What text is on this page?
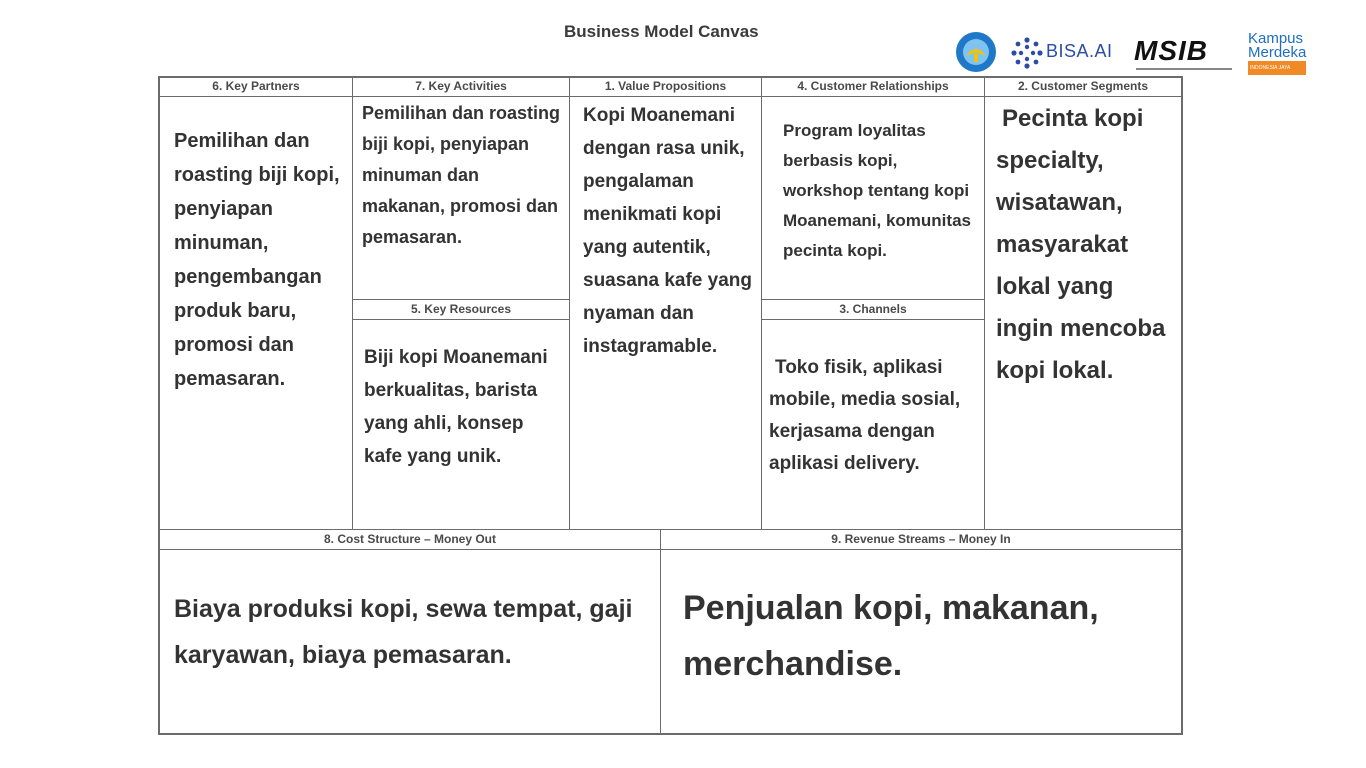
Business Model Canvas
BISA.AI MSIB	Kampus
Merdeka
INDONESIA JAYA
6. Key Partners	7. Key Activities	1. Value Propositions	4. Customer Relationships	2. Customer Segments
5. Key Resources	3. Channels
8. Cost Structure – Money Out	9. Revenue Streams – Money In
Pemilihan dan roasting biji kopi, penyiapan minuman, pengembangan produk baru, promosi dan pemasaran.
Pemilihan dan roasting biji kopi, penyiapan minuman dan makanan, promosi dan pemasaran.
Biji kopi Moanemani berkualitas, barista yang ahli, konsep kafe yang unik.
Kopi Moanemani dengan rasa unik, pengalaman menikmati kopi yang autentik, suasana kafe yang nyaman dan instagramable.
Program loyalitas berbasis kopi, workshop tentang kopi Moanemani, komunitas pecinta kopi.
Toko fisik, aplikasi mobile, media sosial, kerjasama dengan aplikasi delivery.
Pecinta kopi specialty, wisatawan, masyarakat lokal yang ingin mencoba kopi lokal.
Biaya produksi kopi, sewa tempat, gaji karyawan, biaya pemasaran.
Penjualan kopi, makanan, merchandise.
